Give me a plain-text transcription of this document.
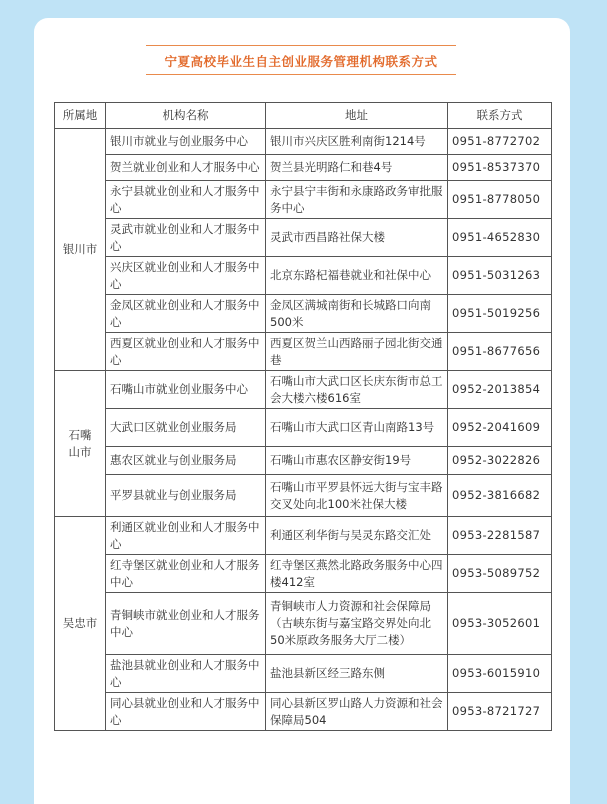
宁夏高校毕业生自主创业服务管理机构联系方式
所属地	机构名称	地址	联系方式
银川市	银川市就业与创业服务中心	银川市兴庆区胜利南街1214号	0951-8772702
	贺兰就业创业和人才服务中心	贺兰县光明路仁和巷4号	0951-8537370
	永宁县就业创业和人才服务中心	永宁县宁丰街和永康路政务审批服务中心	0951-8778050
	灵武市就业创业和人才服务中心	灵武市西昌路社保大楼	0951-4652830
	兴庆区就业创业和人才服务中心	北京东路杞福巷就业和社保中心	0951-5031263
	金凤区就业创业和人才服务中心	金凤区满城南街和长城路口向南500米	0951-5019256
	西夏区就业创业和人才服务中心	西夏区贺兰山西路丽子园北街交通巷	0951-8677656
石嘴山市	石嘴山市就业创业服务中心	石嘴山市大武口区长庆东街市总工会大楼六楼616室	0952-2013854
	大武口区就业创业服务局	石嘴山市大武口区青山南路13号	0952-2041609
	惠农区就业与创业服务局	石嘴山市惠农区静安街19号	0952-3022826
	平罗县就业与创业服务局	石嘴山市平罗县怀远大街与宝丰路交叉处向北100米社保大楼	0952-3816682
吴忠市	利通区就业创业和人才服务中心	利通区利华街与吴灵东路交汇处	0953-2281587
	红寺堡区就业创业和人才服务中心	红寺堡区燕然北路政务服务中心四楼412室	0953-5089752
	青铜峡市就业创业和人才服务中心	青铜峡市人力资源和社会保障局（古峡东街与嘉宝路交界处向北50米原政务服务大厅二楼）	0953-3052601
	盐池县就业创业和人才服务中心	盐池县新区经三路东侧	0953-6015910
	同心县就业创业和人才服务中心	同心县新区罗山路人力资源和社会保障局504	0953-8721727
